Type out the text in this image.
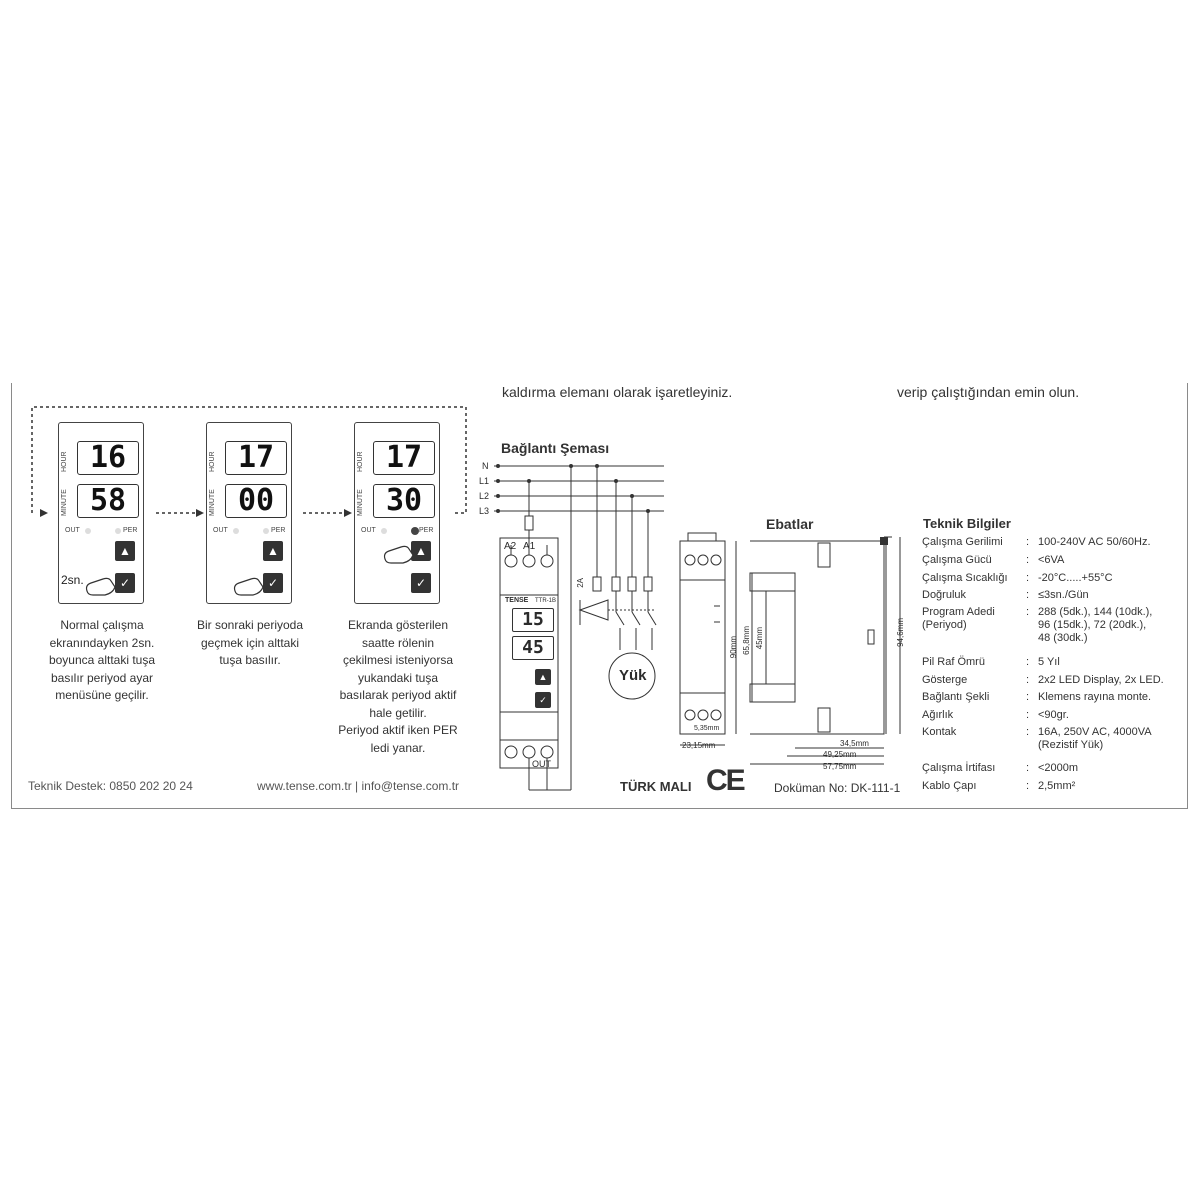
kaldırma elemanı olarak işaretleyiniz.	verip çalıştığından emin olun.
HOUR 16
MINUTE 58
OUT	PER
▲
✓
2sn.
Normal çalışma
ekranındayken 2sn.
boyunca alttaki tuşa
basılır periyod ayar
menüsüne geçilir.
HOUR 17
MINUTE 00
OUT	PER
▲
✓
Bir sonraki periyoda
geçmek için alttaki
tuşa basılır.
HOUR 17
MINUTE 30
OUT	PER
▲
✓
Ekranda gösterilen
saatte rölenin
çekilmesi isteniyorsa
yukandaki tuşa
basılarak periyod aktif
hale getilir.
Periyod aktif iken PER
ledi yanar.
Bağlantı Şeması
N
L1
L2
L3
A2 A1
TENSE TTR-1B
15
45
▲
✓
2A
Yük
OUT
Ebatlar
90mm 65,8mm 45mm	94,6mm
23,15mm
5,35mm
34,5mm
49,25mm
57,75mm
Teknik Bilgiler
Çalışma Gerilimi	: 100-240V AC 50/60Hz.
Çalışma Gücü	: <6VA
Çalışma Sıcaklığı	: -20°C.....+55°C
Doğruluk	: ≤3sn./Gün
Program Adedi
(Periyod)
: 288 (5dk.), 144 (10dk.),
96 (15dk.), 72 (20dk.),
48 (30dk.)
Pil Raf Ömrü	: 5 Yıl
Gösterge	: 2x2 LED Display, 2x LED.
Bağlantı Şekli	: Klemens rayına monte.
Ağırlık	: <90gr.
Kontak	: 16A, 250V AC, 4000VA
(Rezistif Yük)
Çalışma İrtifası	: <2000m
Kablo Çapı	: 2,5mm²
Teknik Destek: 0850 202 20 24	www.tense.com.tr | info@tense.com.tr	TÜRK MALI CE	Doküman No: DK-111-1
